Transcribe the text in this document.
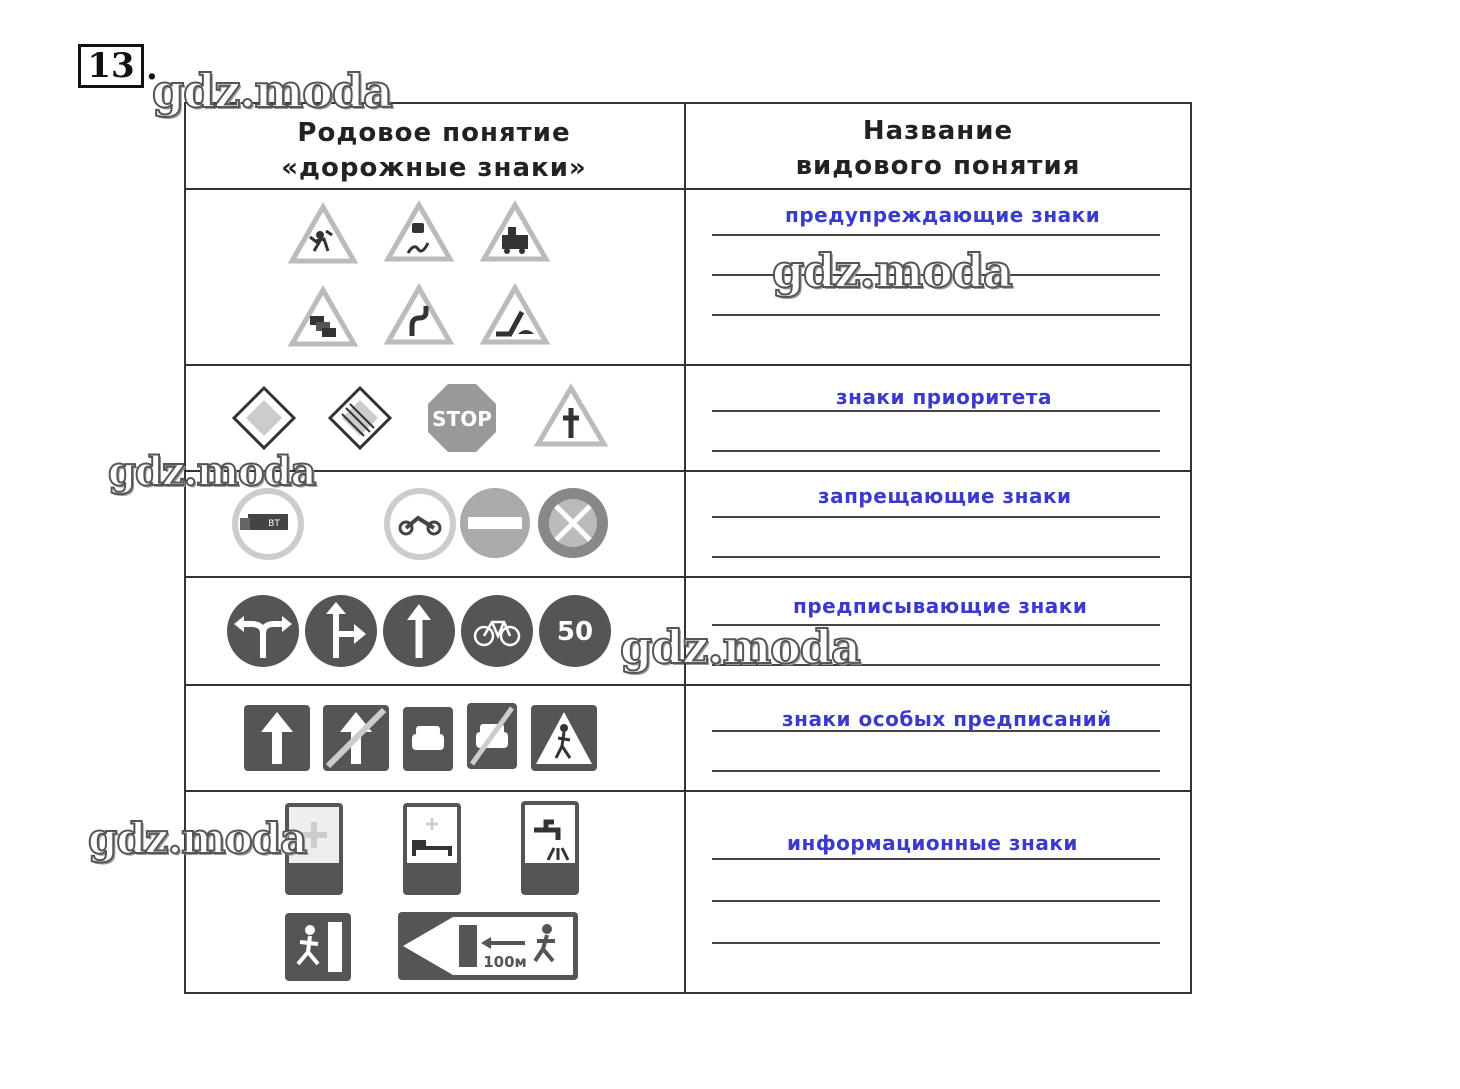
13 .
Родовое понятие
«дорожные знаки»
Название
видового понятия
предупреждающие знаки
знаки приоритета
запрещающие знаки
предписывающие знаки
знаки особых предписаний
информационные знаки
STOP
BT
50
100м
gdz.moda
gdz.moda
gdz.moda
gdz.moda
gdz.moda
